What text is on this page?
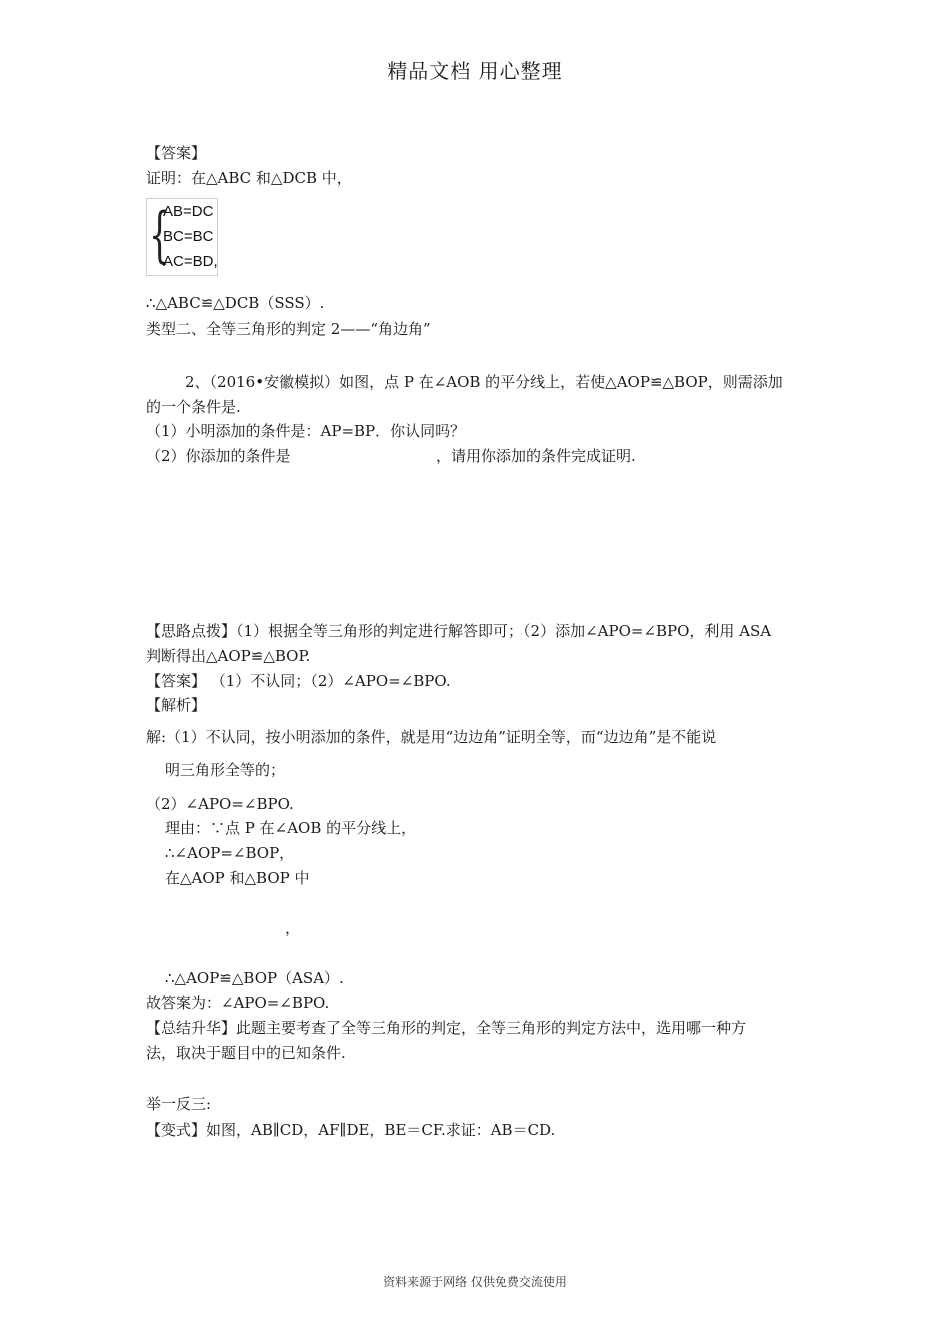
精品文档 用心整理
【答案】
证明：在△ABC 和△DCB 中，
{
AB=DC
BC=BC
AC=BD,
∴△ABC≌△DCB（SSS）.
类型二、全等三角形的判定 2——“角边角”
2、（2016•安徽模拟）如图，点 P 在∠AOB 的平分线上，若使△AOP≌△BOP，则需添加
的一个条件是.
（1）小明添加的条件是：AP=BP．你认同吗？
（2）你添加的条件是	，请用你添加的条件完成证明.
【思路点拨】（1）根据全等三角形的判定进行解答即可；（2）添加∠APO=∠BPO，利用 ASA
判断得出△AOP≌△BOP.
【答案】 （1）不认同；（2）∠APO=∠BPO.
【解析】
解:（1）不认同，按小明添加的条件，就是用“边边角”证明全等，而“边边角”是不能说
明三角形全等的；
（2）∠APO=∠BPO.
理由：∵点 P 在∠AOB 的平分线上，
∴∠AOP=∠BOP，
在△AOP 和△BOP 中
，
∴△AOP≌△BOP（ASA）.
故答案为：∠APO=∠BPO.
【总结升华】此题主要考查了全等三角形的判定，全等三角形的判定方法中，选用哪一种方
法，取决于题目中的已知条件.
举一反三:
【变式】如图，AB∥CD，AF∥DE，BE＝CF.求证：AB＝CD.
资料来源于网络 仅供免费交流使用
